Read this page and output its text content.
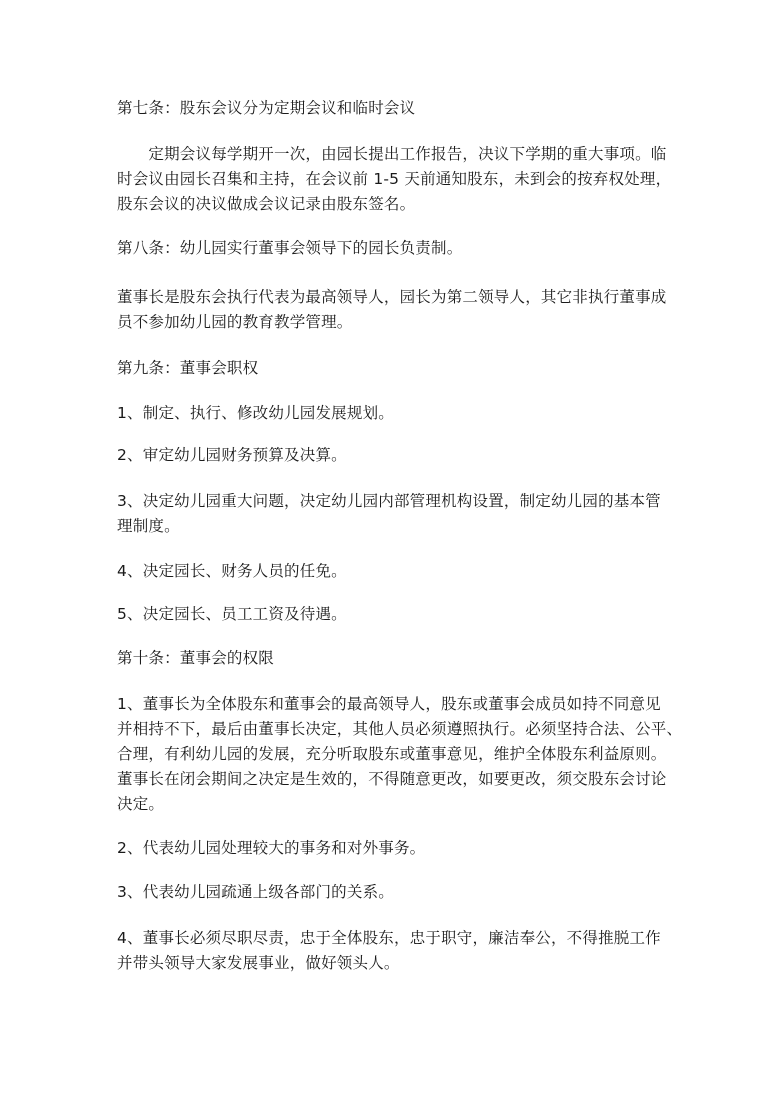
第七条：股东会议分为定期会议和临时会议

　　定期会议每学期开一次，由园长提出工作报告，决议下学期的重大事项。临
时会议由园长召集和主持，在会议前 1-5 天前通知股东，未到会的按弃权处理，
股东会议的决议做成会议记录由股东签名。

第八条：幼儿园实行董事会领导下的园长负责制。

董事长是股东会执行代表为最高领导人，园长为第二领导人，其它非执行董事成
员不参加幼儿园的教育教学管理。

第九条：董事会职权

1、制定、执行、修改幼儿园发展规划。

2、审定幼儿园财务预算及决算。

3、决定幼儿园重大问题，决定幼儿园内部管理机构设置，制定幼儿园的基本管
理制度。

4、决定园长、财务人员的任免。

5、决定园长、员工工资及待遇。

第十条：董事会的权限

1、董事长为全体股东和董事会的最高领导人，股东或董事会成员如持不同意见
并相持不下，最后由董事长决定，其他人员必须遵照执行。必须坚持合法、公平、
合理，有利幼儿园的发展，充分听取股东或董事意见，维护全体股东利益原则。
董事长在闭会期间之决定是生效的，不得随意更改，如要更改，须交股东会讨论
决定。

2、代表幼儿园处理较大的事务和对外事务。

3、代表幼儿园疏通上级各部门的关系。

4、董事长必须尽职尽责，忠于全体股东，忠于职守，廉洁奉公，不得推脱工作
并带头领导大家发展事业，做好领头人。
